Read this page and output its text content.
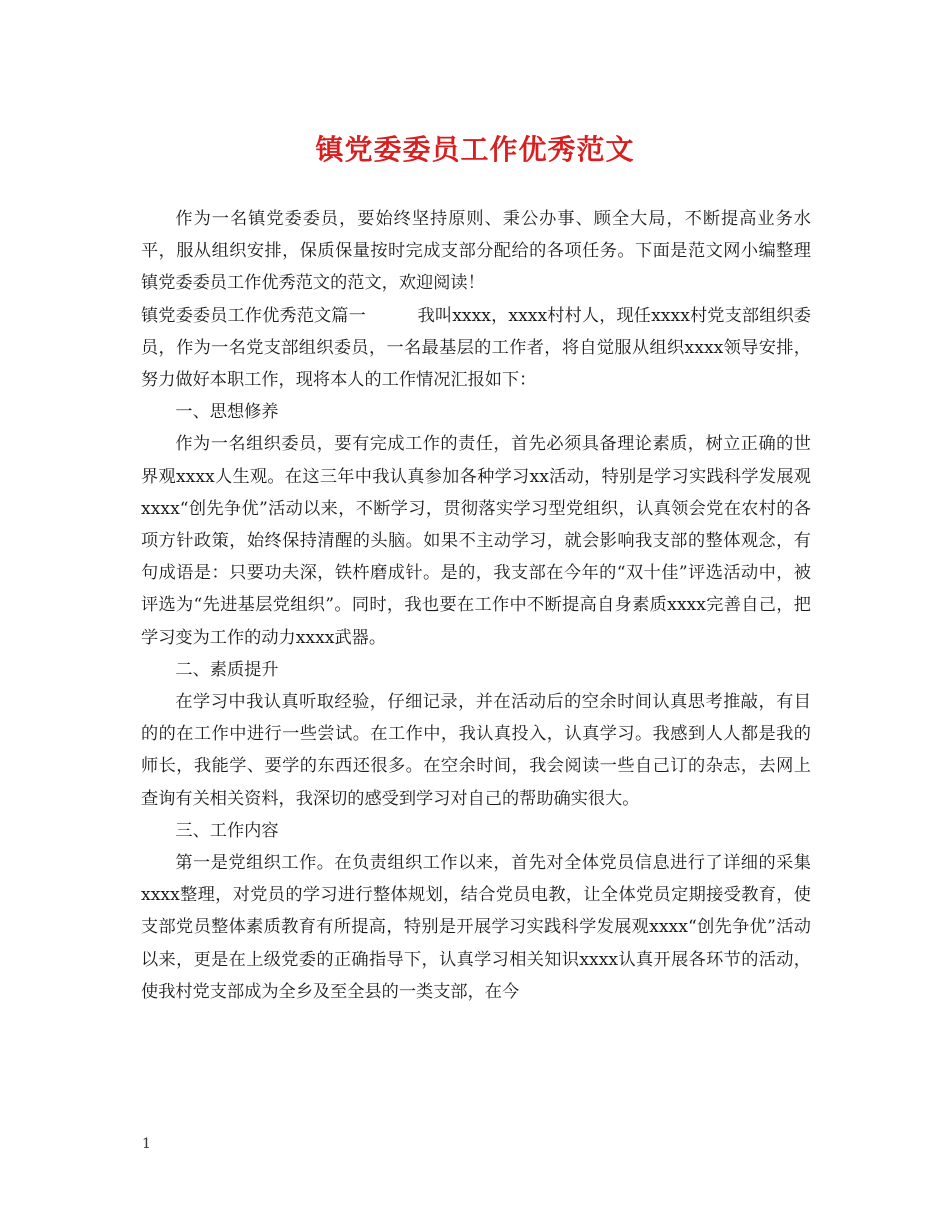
镇党委委员工作优秀范文

作为一名镇党委委员，要始终坚持原则、秉公办事、顾全大局，不断提高业务水平，服从组织安排，保质保量按时完成支部分配给的各项任务。下面是范文网小编整理镇党委委员工作优秀范文的范文，欢迎阅读！

镇党委委员工作优秀范文篇一	我叫xxxx，xxxx村村人，现任xxxx村党支部组织委员，作为一名党支部组织委员，一名最基层的工作者，将自觉服从组织xxxx领导安排，努力做好本职工作，现将本人的工作情况汇报如下：

一、思想修养

作为一名组织委员，要有完成工作的责任，首先必须具备理论素质，树立正确的世界观xxxx人生观。在这三年中我认真参加各种学习xx活动，特别是学习实践科学发展观xxxx“创先争优”活动以来，不断学习，贯彻落实学习型党组织，认真领会党在农村的各项方针政策，始终保持清醒的头脑。如果不主动学习，就会影响我支部的整体观念，有句成语是：只要功夫深，铁杵磨成针。是的，我支部在今年的“双十佳”评选活动中，被评选为“先进基层党组织”。同时，我也要在工作中不断提高自身素质xxxx完善自己，把学习变为工作的动力xxxx武器。

二、素质提升

在学习中我认真听取经验，仔细记录，并在活动后的空余时间认真思考推敲，有目的的在工作中进行一些尝试。在工作中，我认真投入，认真学习。我感到人人都是我的师长，我能学、要学的东西还很多。在空余时间，我会阅读一些自己订的杂志，去网上查询有关相关资料，我深切的感受到学习对自己的帮助确实很大。

三、工作内容

第一是党组织工作。在负责组织工作以来，首先对全体党员信息进行了详细的采集xxxx整理，对党员的学习进行整体规划，结合党员电教，让全体党员定期接受教育，使支部党员整体素质教育有所提高，特别是开展学习实践科学发展观xxxx“创先争优”活动以来，更是在上级党委的正确指导下，认真学习相关知识xxxx认真开展各环节的活动，使我村党支部成为全乡及至全县的一类支部，在今

1
